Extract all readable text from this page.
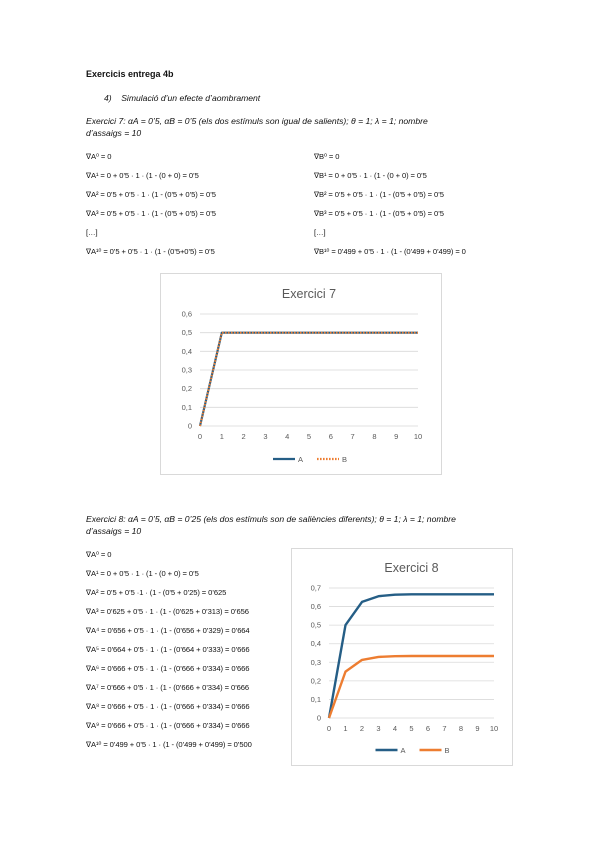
Exercicis entrega 4b
4)    Simulació d’un efecte d’aombrament
Exercici 7: αA = 0’5, αB = 0’5 (els dos estímuls son igual de salients); θ = 1; λ = 1; nombre
d’assaigs = 10
∇A⁰ = 0
∇A¹ = 0 + 0’5 · 1 · (1 - (0 + 0) = 0’5
∇A² = 0’5 + 0’5 · 1 · (1 - (0’5 + 0’5) = 0’5
∇A³ = 0’5 + 0’5 · 1 · (1 - (0’5 + 0’5) = 0’5
[…]
∇A¹⁰ = 0’5 + 0’5 · 1 · (1 - (0’5+0’5) = 0’5
∇B⁰ = 0
∇B¹ = 0 + 0’5 · 1 · (1 - (0 + 0) = 0’5
∇B² = 0’5 + 0’5 · 1 · (1 - (0’5 + 0’5) = 0’5
∇B³ = 0’5 + 0’5 · 1 · (1 - (0’5 + 0’5) = 0’5
[…]
∇B¹⁰ = 0’499 + 0’5 · 1 · (1 - (0’499 + 0’499) = 0
Exercici 7
0
0,1
0,2
0,3
0,4
0,5
0,6
0 1 2 3 4 5 6 7 8 9 10
A	B
Exercici 8: αA = 0’5, αB = 0’25 (els dos estímuls son de saliències diferents); θ = 1; λ = 1; nombre
d’assaigs = 10
∇A⁰ = 0
∇A¹ = 0 + 0’5 · 1 · (1 - (0 + 0) = 0’5
∇A² = 0’5 + 0’5 ·1 · (1 - (0’5 + 0’25) = 0’625
∇A³ = 0’625 + 0’5 · 1 · (1 - (0’625 + 0’313) = 0’656
∇A⁴ = 0’656 + 0’5 · 1 · (1 - (0’656 + 0’329) = 0’664
∇A⁵ = 0’664 + 0’5 · 1 · (1 - (0’664 + 0’333) = 0’666
∇A⁶ = 0’666 + 0’5 · 1 · (1 - (0’666 + 0’334) = 0’666
∇A⁷ = 0’666 + 0’5 · 1 · (1 - (0’666 + 0’334) = 0’666
∇A⁸ = 0’666 + 0’5 · 1 · (1 - (0’666 + 0’334) = 0’666
∇A⁹ = 0’666 + 0’5 · 1 · (1 - (0’666 + 0’334) = 0’666
∇A¹⁰ = 0’499 + 0’5 · 1 · (1 - (0’499 + 0’499) = 0’500
Exercici 8
0
0,1
0,2
0,3
0,4
0,5
0,6
0,7
0 1 2 3 4 5 6 7 8 9 10
A	B
